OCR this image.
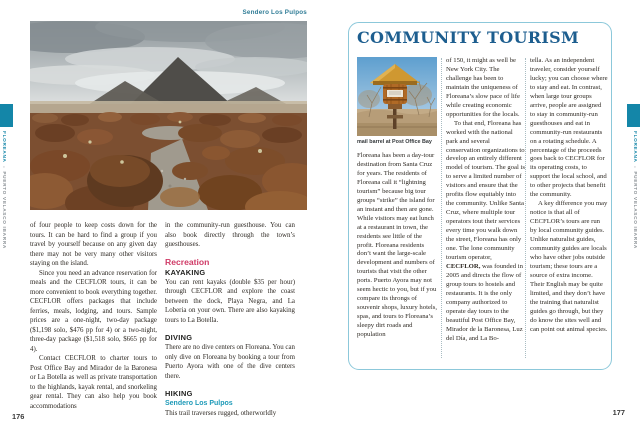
Sendero Los Pulpos
FLOREANA▪PUERTO VELASCO IBARRA	of four people to keep costs down for the tours. It can be hard to find a group if you travel by yourself because on any given day there may not be very many other visitors staying on the island.

Since you need an advance reservation for meals and the CECFLOR tours, it can be more convenient to book everything together. CECFLOR offers packages that include ferries, meals, lodging, and tours. Sample prices are a one-night, two-day package ($1,198 solo, $476 pp for 4) or a two-night, three-day package ($1,518 solo, $665 pp for 4).

Contact CECFLOR to charter tours to Post Office Bay and Mirador de la Baronesa or La Botella as well as private transportation to the highlands, kayak rental, and snorkeling gear rental. They can also help you book accommodations

in the community-run guesthouse. You can also book directly through the town’s guesthouses.

Recreation
KAYAKING

You can rent kayaks (double $35 per hour) through CECFLOR and explore the coast between the dock, Playa Negra, and La Loberia on your own. There are also kayaking tours to La Botella.

DIVING

There are no dive centers on Floreana. You can only dive on Floreana by booking a tour from Puerto Ayora with one of the dive centers there.

HIKING
Sendero Los Pulpos

This trail traverses rugged, otherworldly

176
COMMUNITY TOURISM
mail barrel at Post Office Bay

Floreana has been a day-tour destination from Santa Cruz for years. The residents of Floreana call it “lightning tourism” because big tour groups “strike” the island for an instant and then are gone. While visitors may eat lunch at a restaurant in town, the residents see little of the profit. Floreana residents don’t want the large-scale development and numbers of tourists that visit the other ports. Puerto Ayora may not seem hectic to you, but if you compare its throngs of souvenir shops, luxury hotels, spas, and tours to Floreana’s sleepy dirt roads and population

of 150, it might as well be New York City. The challenge has been to maintain the uniqueness of Floreana’s slow pace of life while creating economic opportunities for the locals.

To that end, Floreana has worked with the national park and several conservation organizations to develop an entirely different model of tourism. The goal is to serve a limited number of visitors and ensure that the profits flow equitably into the community. Unlike Santa Cruz, where multiple tour operators tout their services every time you walk down the street, Floreana has only one. The lone community tourism operator, CECFLOR, was founded in 2005 and directs the flow of group tours to hostels and restaurants. It is the only company authorized to operate day tours to the beautiful Post Office Bay, Mirador de la Baronesa, Luz del Día, and La Bo-

tella. As an independent traveler, consider yourself lucky; you can choose where to stay and eat. In contrast, when large tour groups arrive, people are assigned to stay in community-run guesthouses and eat in community-run restaurants on a rotating schedule. A percentage of the proceeds goes back to CECFLOR for its operating costs, to support the local school, and to other projects that benefit the community.

A key difference you may notice is that all of CECFLOR’s tours are run by local community guides. Unlike naturalist guides, community guides are locals who have other jobs outside tourism; these tours are a source of extra income. Their English may be quite limited, and they don’t have the training that naturalist guides go through, but they do know the sites well and can point out animal species.

FLOREANA▪PUERTO VELASCO IBARRA
177
